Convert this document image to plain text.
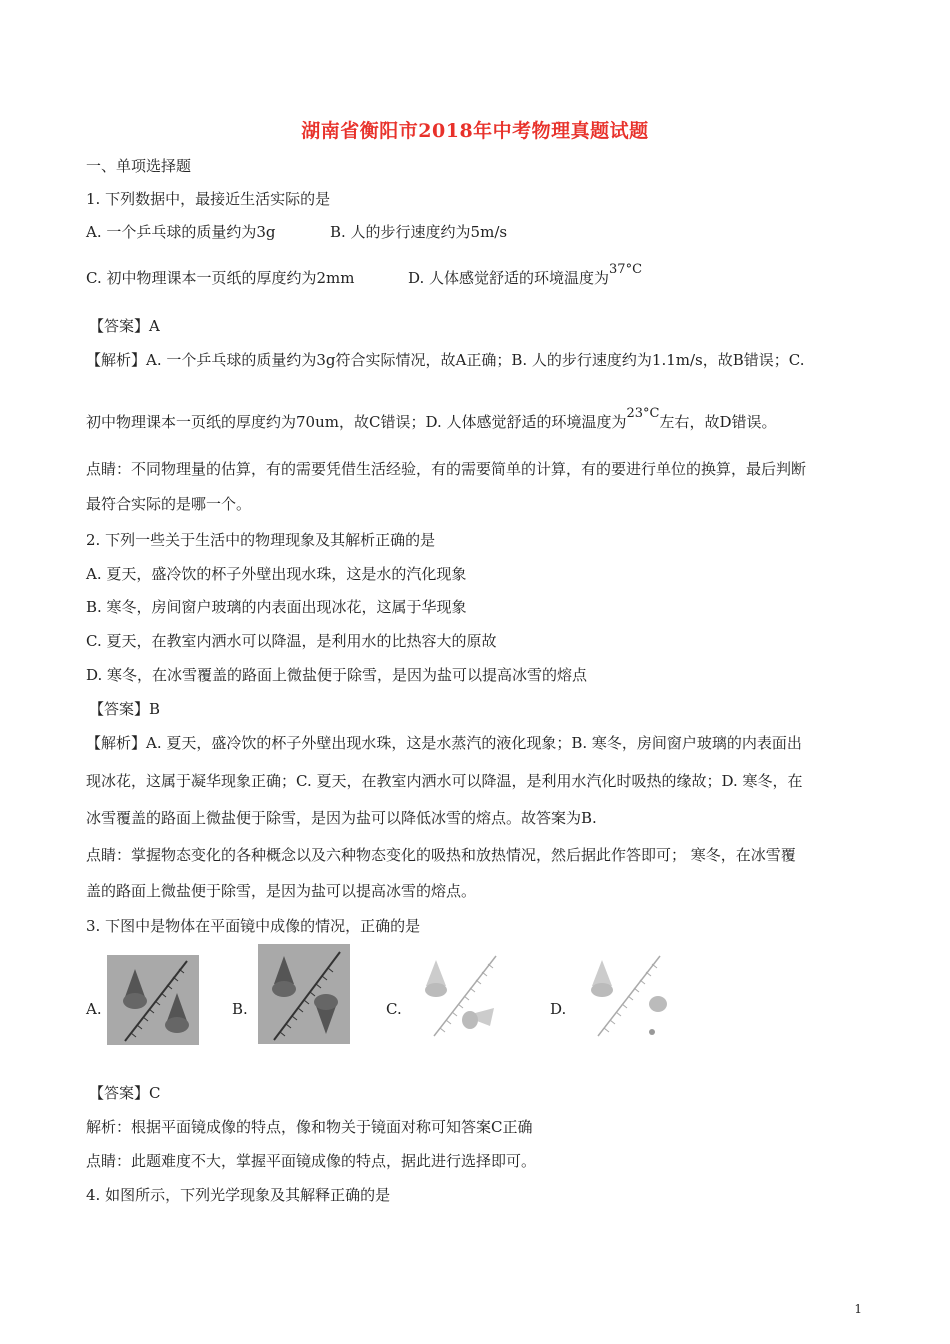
湖南省衡阳市2018年中考物理真题试题
一、单项选择题
1. 下列数据中，最接近生活实际的是
A. 一个乒乓球的质量约为3g	B. 人的步行速度约为5m/s
C. 初中物理课本一页纸的厚度约为2mm	D. 人体感觉舒适的环境温度为37°C
【答案】A
【解析】A. 一个乒乓球的质量约为3g符合实际情况，故A正确；B. 人的步行速度约为1.1m/s，故B错误；C.
初中物理课本一页纸的厚度约为70um，故C错误；D. 人体感觉舒适的环境温度为23°C左右，故D错误。
点睛：不同物理量的估算，有的需要凭借生活经验，有的需要简单的计算，有的要进行单位的换算，最后判断
最符合实际的是哪一个。
2. 下列一些关于生活中的物理现象及其解析正确的是
A. 夏天，盛冷饮的杯子外壁出现水珠，这是水的汽化现象
B. 寒冬，房间窗户玻璃的内表面出现冰花，这属于华现象
C. 夏天，在教室内洒水可以降温，是利用水的比热容大的原故
D. 寒冬，在冰雪覆盖的路面上微盐便于除雪，是因为盐可以提高冰雪的熔点
【答案】B
【解析】A. 夏天，盛冷饮的杯子外壁出现水珠，这是水蒸汽的液化现象；B. 寒冬，房间窗户玻璃的内表面出
现冰花，这属于凝华现象正确；C. 夏天，在教室内洒水可以降温，是利用水汽化时吸热的缘故；D. 寒冬，在
冰雪覆盖的路面上微盐便于除雪，是因为盐可以降低冰雪的熔点。故答案为B.
点睛：掌握物态变化的各种概念以及六种物态变化的吸热和放热情况，然后据此作答即可； 寒冬，在冰雪覆
盖的路面上微盐便于除雪，是因为盐可以提高冰雪的熔点。
3. 下图中是物体在平面镜中成像的情况，正确的是
A.	B.	C.	D.
【答案】C
解析：根据平面镜成像的特点，像和物关于镜面对称可知答案C正确
点睛：此题难度不大，掌握平面镜成像的特点，据此进行选择即可。
4. 如图所示，下列光学现象及其解释正确的是
1
